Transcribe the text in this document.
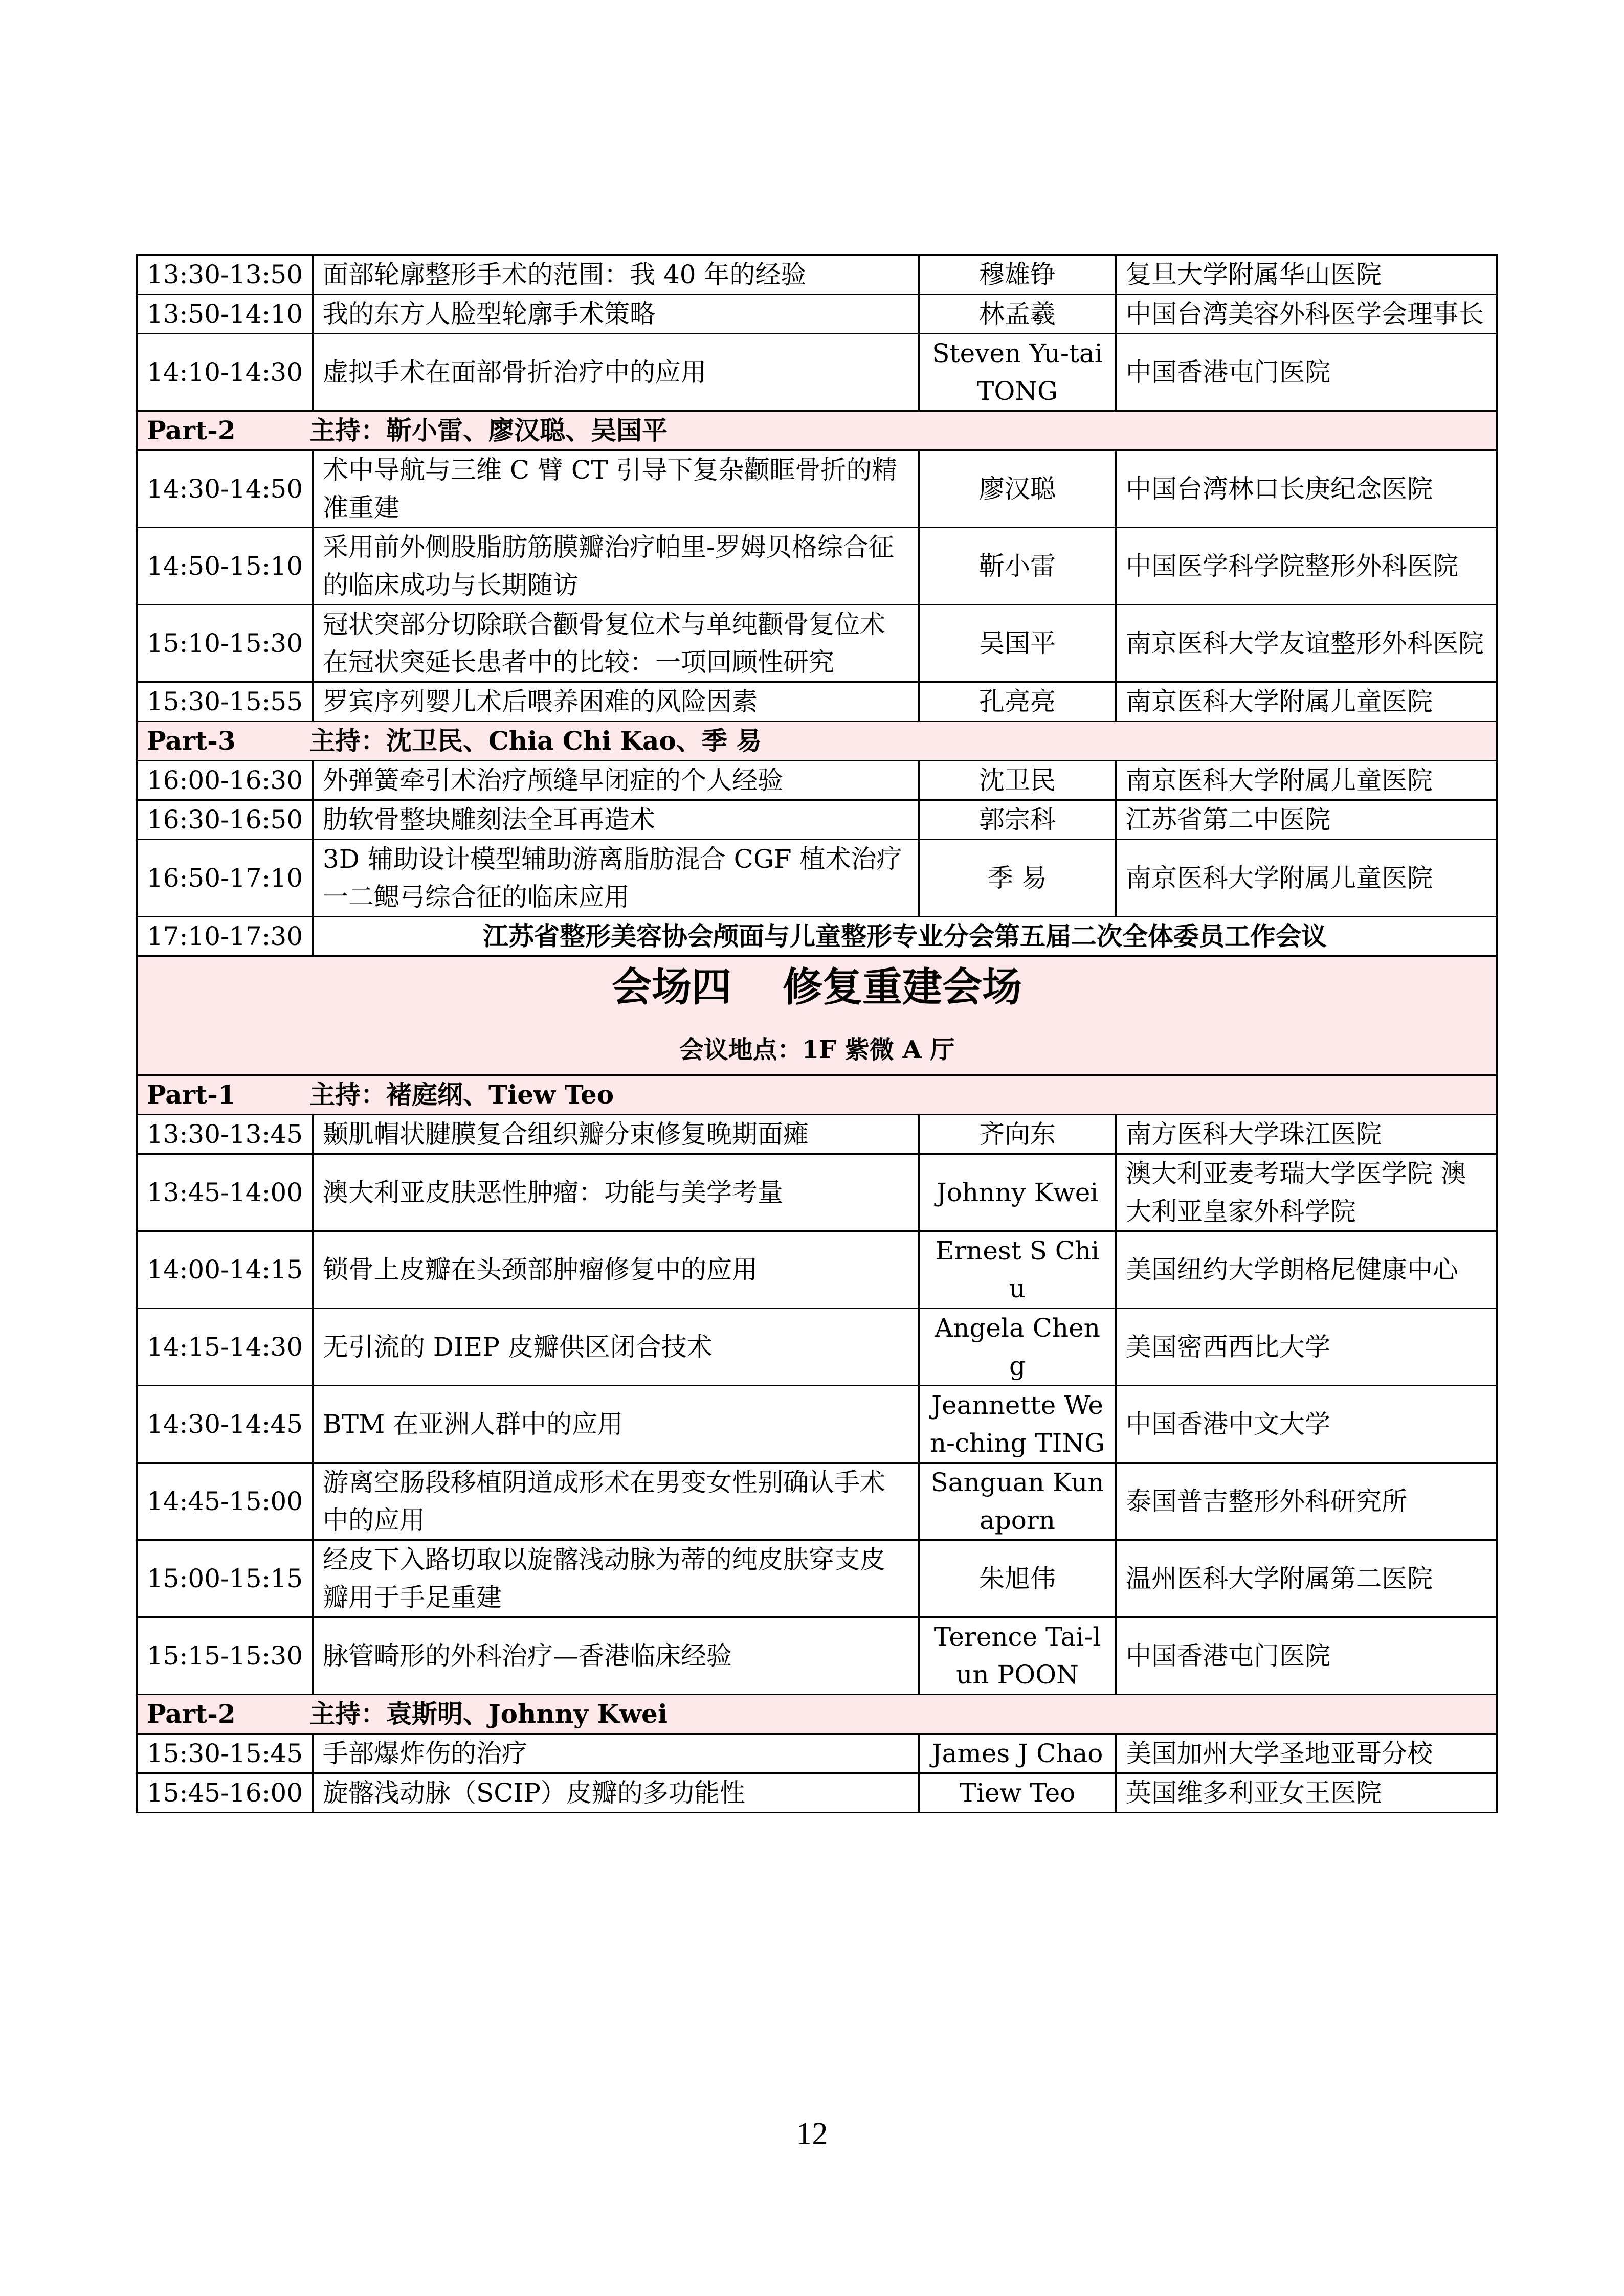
13:30-13:50	面部轮廓整形手术的范围：我 40 年的经验	穆雄铮	复旦大学附属华山医院
13:50-14:10	我的东方人脸型轮廓手术策略	林孟羲	中国台湾美容外科医学会理事长
14:10-14:30	虚拟手术在面部骨折治疗中的应用	Steven Yu-tai TONG	中国香港屯门医院
Part-2 主持：靳小雷、廖汉聪、吴国平			
14:30-14:50	术中导航与三维 C 臂 CT 引导下复杂颧眶骨折的精准重建	廖汉聪	中国台湾林口长庚纪念医院
14:50-15:10	采用前外侧股脂肪筋膜瓣治疗帕里-罗姆贝格综合征的临床成功与长期随访	靳小雷	中国医学科学院整形外科医院
15:10-15:30	冠状突部分切除联合颧骨复位术与单纯颧骨复位术在冠状突延长患者中的比较：一项回顾性研究	吴国平	南京医科大学友谊整形外科医院
15:30-15:55	罗宾序列婴儿术后喂养困难的风险因素	孔亮亮	南京医科大学附属儿童医院
Part-3 主持：沈卫民、Chia Chi Kao、季 易			
16:00-16:30	外弹簧牵引术治疗颅缝早闭症的个人经验	沈卫民	南京医科大学附属儿童医院
16:30-16:50	肋软骨整块雕刻法全耳再造术	郭宗科	江苏省第二中医院
16:50-17:10	3D 辅助设计模型辅助游离脂肪混合 CGF 植术治疗一二鳃弓综合征的临床应用	季 易	南京医科大学附属儿童医院
17:10-17:30	江苏省整形美容协会颅面与儿童整形专业分会第五届二次全体委员工作会议		

会场四 修复重建会场
会议地点：1F 紫微 A 厅			

Part-1 主持：褚庭纲、Tiew Teo			
13:30-13:45	颞肌帽状腱膜复合组织瓣分束修复晚期面瘫	齐向东	南方医科大学珠江医院
13:45-14:00	澳大利亚皮肤恶性肿瘤：功能与美学考量	Johnny Kwei	澳大利亚麦考瑞大学医学院 澳大利亚皇家外科学院
14:00-14:15	锁骨上皮瓣在头颈部肿瘤修复中的应用	Ernest S Chiu	美国纽约大学朗格尼健康中心
14:15-14:30	无引流的 DIEP 皮瓣供区闭合技术	Angela Cheng	美国密西西比大学
14:30-14:45	BTM 在亚洲人群中的应用	Jeannette Wen-ching TING	中国香港中文大学
14:45-15:00	游离空肠段移植阴道成形术在男变女性别确认手术中的应用	Sanguan Kunaporn	泰国普吉整形外科研究所
15:00-15:15	经皮下入路切取以旋髂浅动脉为蒂的纯皮肤穿支皮瓣用于手足重建	朱旭伟	温州医科大学附属第二医院
15:15-15:30	脉管畸形的外科治疗—香港临床经验	Terence Tai-lun POON	中国香港屯门医院
Part-2 主持：袁斯明、Johnny Kwei			
15:30-15:45	手部爆炸伤的治疗	James J Chao	美国加州大学圣地亚哥分校
15:45-16:00	旋髂浅动脉（SCIP）皮瓣的多功能性	Tiew Teo	英国维多利亚女王医院
12
